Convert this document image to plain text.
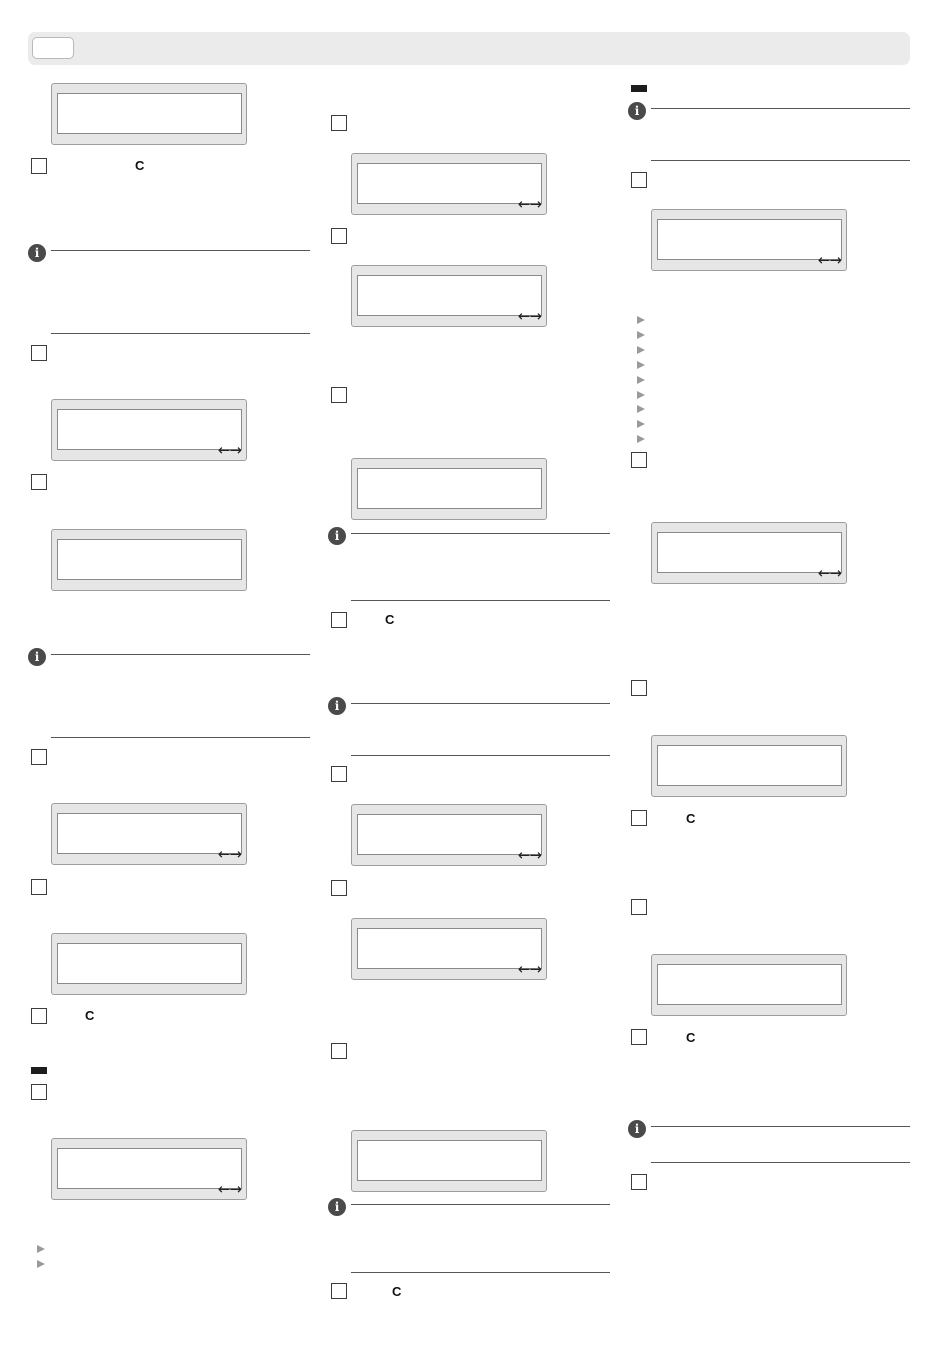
C
i
←→
i
←→
C
←→
←→
←→
i
C
i
←→
←→
i
C
i
←→
←→
C
C
i
